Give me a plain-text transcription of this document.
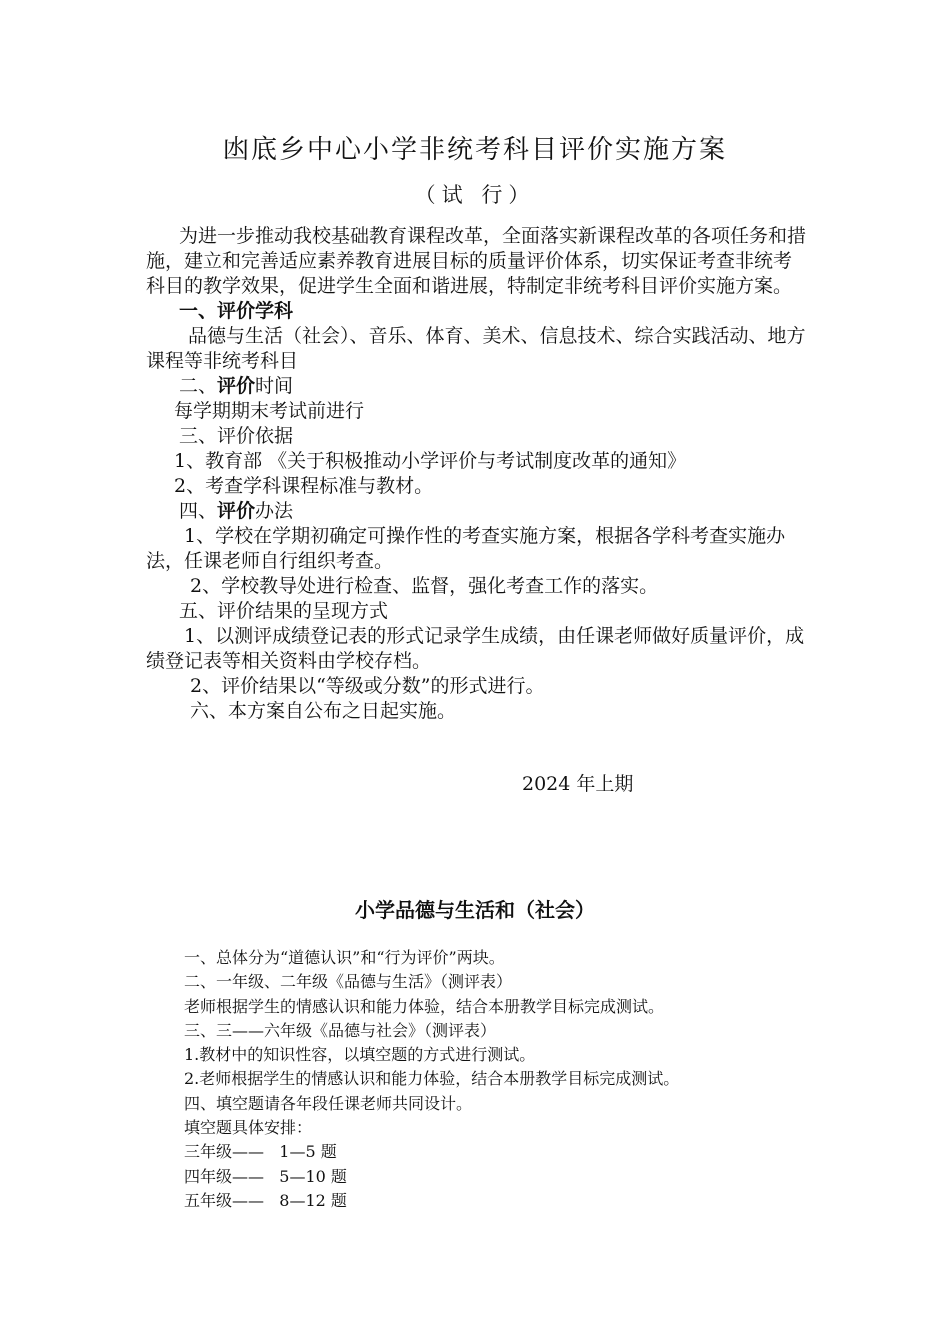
凼底乡中心小学非统考科目评价实施方案
（试 行）

为进一步推动我校基础教育课程改革，全面落实新课程改革的各项任务和措施，建立和完善适应素养教育进展目标的质量评价体系，切实保证考查非统考科目的教学效果，促进学生全面和谐进展，特制定非统考科目评价实施方案。

一、评价学科

品德与生活（社会）、音乐、体育、美术、信息技术、综合实践活动、地方课程等非统考科目

二、评价时间

每学期期末考试前进行

三、评价依据

1、教育部 《关于积极推动小学评价与考试制度改革的通知》

2、考查学科课程标准与教材。

四、评价办法

1、学校在学期初确定可操作性的考查实施方案，根据各学科考查实施办法，任课老师自行组织考查。

2、学校教导处进行检查、监督，强化考查工作的落实。

五、评价结果的呈现方式

1、以测评成绩登记表的形式记录学生成绩，由任课老师做好质量评价，成绩登记表等相关资料由学校存档。

2、评价结果以“等级或分数”的形式进行。

六、本方案自公布之日起实施。

2024 年上期
小学品德与生活和（社会）

一、总体分为“道德认识”和“行为评价”两块。

二、一年级、二年级《品德与生活》（测评表）

老师根据学生的情感认识和能力体验，结合本册教学目标完成测试。

三、三——六年级《品德与社会》（测评表）

1.教材中的知识性容，以填空题的方式进行测试。

2.老师根据学生的情感认识和能力体验，结合本册教学目标完成测试。

四、填空题请各年段任课老师共同设计。

填空题具体安排：

三年级——   1—5 题

四年级——   5—10 题

五年级——   8—12 题
